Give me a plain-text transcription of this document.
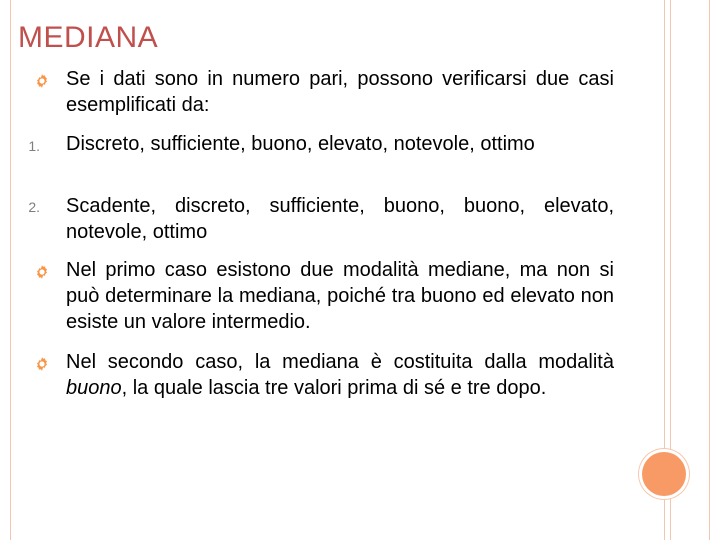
MEDIANA

Se i dati sono in numero pari, possono verificarsi due casi esemplificati da:

1. Discreto, sufficiente, buono, elevato, notevole, ottimo

2. Scadente, discreto, sufficiente, buono, buono, elevato, notevole, ottimo

Nel primo caso esistono due modalità mediane, ma non si può determinare la mediana, poiché tra buono ed elevato non esiste un valore intermedio.

Nel secondo caso, la mediana è costituita dalla modalità buono, la quale lascia tre valori prima di sé e tre dopo.
